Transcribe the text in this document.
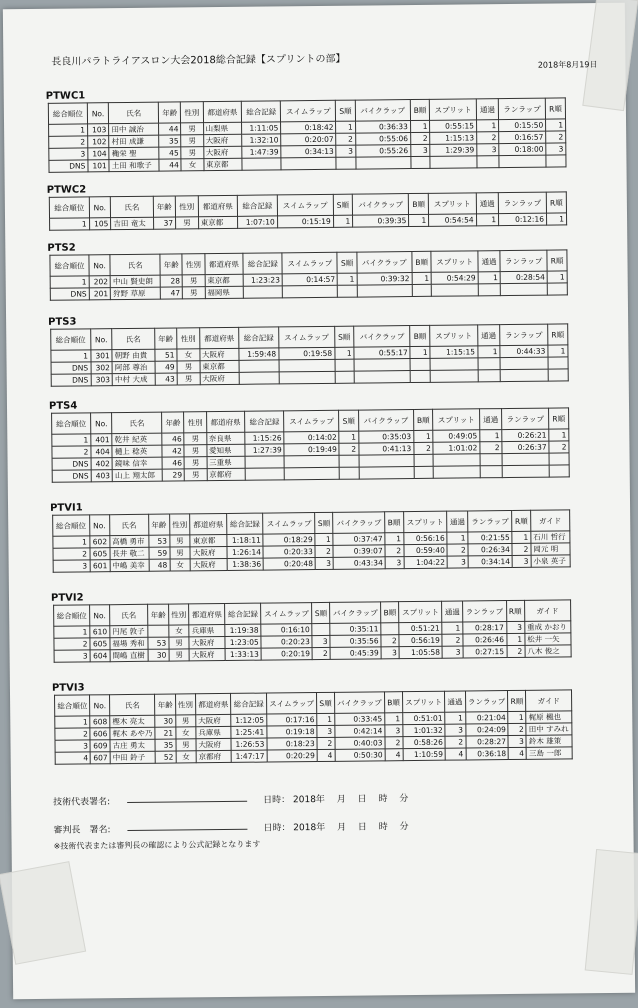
長良川パラトライアスロン大会2018総合記録【スプリントの部】	2018年8月19日
PTWC1
総合順位	No.	氏名	年齢	性別	都道府県	総合記録	スイムラップ	S順	バイクラップ	B順	スプリット	通過	ランラップ	R順
1	103	田中 誠治	44	男	山梨県	1:11:05	0:18:42	1	0:36:33	1	0:55:15	1	0:15:50	1
2	102	村田 成謙	35	男	大阪府	1:32:10	0:20:07	2	0:55:06	2	1:15:13	2	0:16:57	2
3	104	穐栄 聖	45	男	大阪府	1:47:39	0:34:13	3	0:55:26	3	1:29:39	3	0:18:00	3
DNS	101	土田 和歌子	44	女	東京都									
PTWC2
総合順位	No.	氏名	年齢	性別	都道府県	総合記録	スイムラップ	S順	バイクラップ	B順	スプリット	通過	ランラップ	R順
1	105	吉田 竜太	37	男	東京都	1:07:10	0:15:19	1	0:39:35	1	0:54:54	1	0:12:16	1
PTS2
総合順位	No.	氏名	年齢	性別	都道府県	総合記録	スイムラップ	S順	バイクラップ	B順	スプリット	通過	ランラップ	R順
1	202	中山 賢史朗	28	男	東京都	1:23:23	0:14:57	1	0:39:32	1	0:54:29	1	0:28:54	1
DNS	201	狩野 草原	47	男	福岡県									
PTS3
総合順位	No.	氏名	年齢	性別	都道府県	総合記録	スイムラップ	S順	バイクラップ	B順	スプリット	通過	ランラップ	R順
1	301	朝野 由貴	51	女	大阪府	1:59:48	0:19:58	1	0:55:17	1	1:15:15	1	0:44:33	1
DNS	302	阿部 尊治	49	男	東京都									
DNS	303	中村 大成	43	男	大阪府									
PTS4
総合順位	No.	氏名	年齢	性別	都道府県	総合記録	スイムラップ	S順	バイクラップ	B順	スプリット	通過	ランラップ	R順
1	401	乾井 紀英	46	男	奈良県	1:15:26	0:14:02	1	0:35:03	1	0:49:05	1	0:26:21	1
2	404	樋上 稔英	42	男	愛知県	1:27:39	0:19:49	2	0:41:13	2	1:01:02	2	0:26:37	2
DNS	402	鏡味 信幸	46	男	三重県									
DNS	403	山上 翔太郎	29	男	京都府									
PTVI1
総合順位	No.	氏名	年齢	性別	都道府県	総合記録	スイムラップ	S順	バイクラップ	B順	スプリット	通過	ランラップ	R順	ガイド
1	602	高橋 勇市	53	男	東京都	1:18:11	0:18:29	1	0:37:47	1	0:56:16	1	0:21:55	1	石川 哲行
2	605	長井 敬二	59	男	大阪府	1:26:14	0:20:33	2	0:39:07	2	0:59:40	2	0:26:34	2	岡元 明
3	601	中嶋 美幸	48	女	大阪府	1:38:36	0:20:48	3	0:43:34	3	1:04:22	3	0:34:14	3	小泉 英子
PTVI2
総合順位	No.	氏名	年齢	性別	都道府県	総合記録	スイムラップ	S順	バイクラップ	B順	スプリット	通過	ランラップ	R順	ガイド
1	610	円尾 敦子		女	兵庫県	1:19:38	0:16:10		0:35:11		0:51:21	1	0:28:17	3	重成 かおり
2	605	福場 秀和	53	男	大阪府	1:23:05	0:20:23	3	0:35:56	2	0:56:19	2	0:26:46	1	松井 一矢
3	604	間嶋 直樹	30	男	大阪府	1:33:13	0:20:19	2	0:45:39	3	1:05:58	3	0:27:15	2	八木 俊之
PTVI3
総合順位	No.	氏名	年齢	性別	都道府県	総合記録	スイムラップ	S順	バイクラップ	B順	スプリット	通過	ランラップ	R順	ガイド
1	608	樫木 亮太	30	男	大阪府	1:12:05	0:17:16	1	0:33:45	1	0:51:01	1	0:21:04	1	梶原 楓也
2	606	梶木 あや乃	21	女	兵庫県	1:25:41	0:19:18	3	0:42:14	3	1:01:32	3	0:24:09	2	田中 すみれ
3	609	古庄 勇太	35	男	大阪府	1:26:53	0:18:23	2	0:40:03	2	0:58:26	2	0:28:27	3	鈴木 雄策
4	607	中田 鈴子	52	女	京都府	1:47:17	0:20:29	4	0:50:30	4	1:10:59	4	0:36:18	4	三島 一郎
技術代表署名:	日時： 2018年　 月　 日　 時　 分
審判長　署名:	日時： 2018年　 月　 日　 時　 分
※技術代表または審判長の確認により公式記録となります
